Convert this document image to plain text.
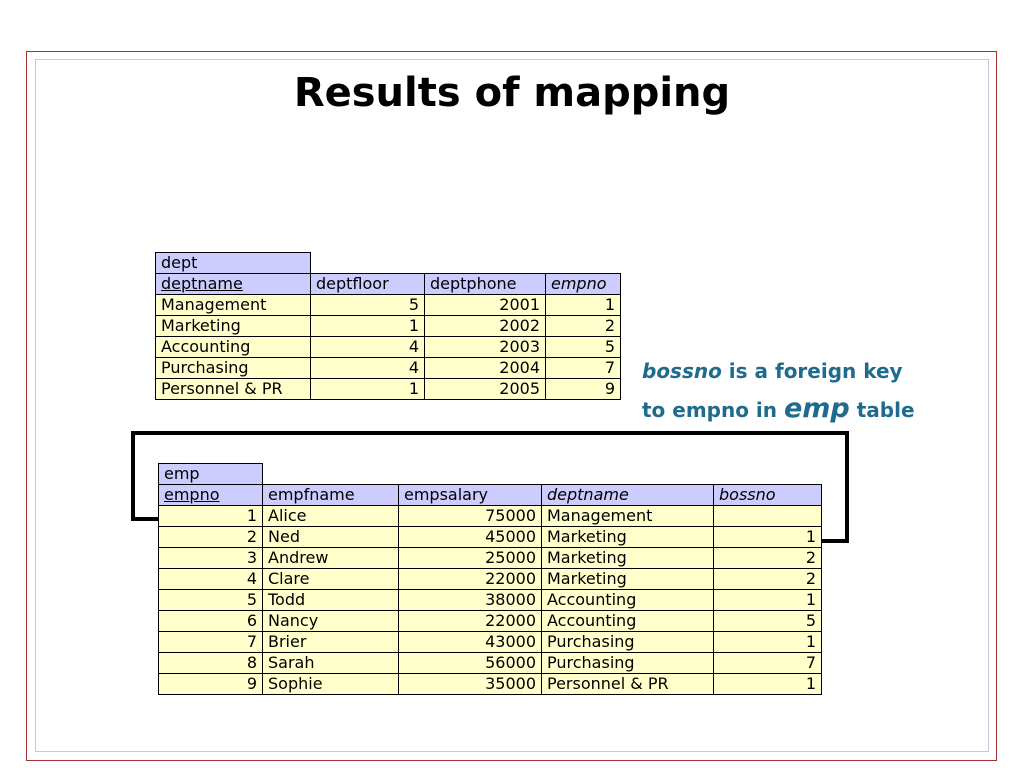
Results of mapping
dept			
deptname	deptfloor	deptphone	empno
Management	5	2001	1
Marketing	1	2002	2
Accounting	4	2003	5
Purchasing	4	2004	7
Personnel & PR	1	2005	9
bossno is a foreign key
to empno in emp table
emp				
empno	empfname	empsalary	deptname	bossno
1	Alice	75000	Management	
2	Ned	45000	Marketing	1
3	Andrew	25000	Marketing	2
4	Clare	22000	Marketing	2
5	Todd	38000	Accounting	1
6	Nancy	22000	Accounting	5
7	Brier	43000	Purchasing	1
8	Sarah	56000	Purchasing	7
9	Sophie	35000	Personnel & PR	1
